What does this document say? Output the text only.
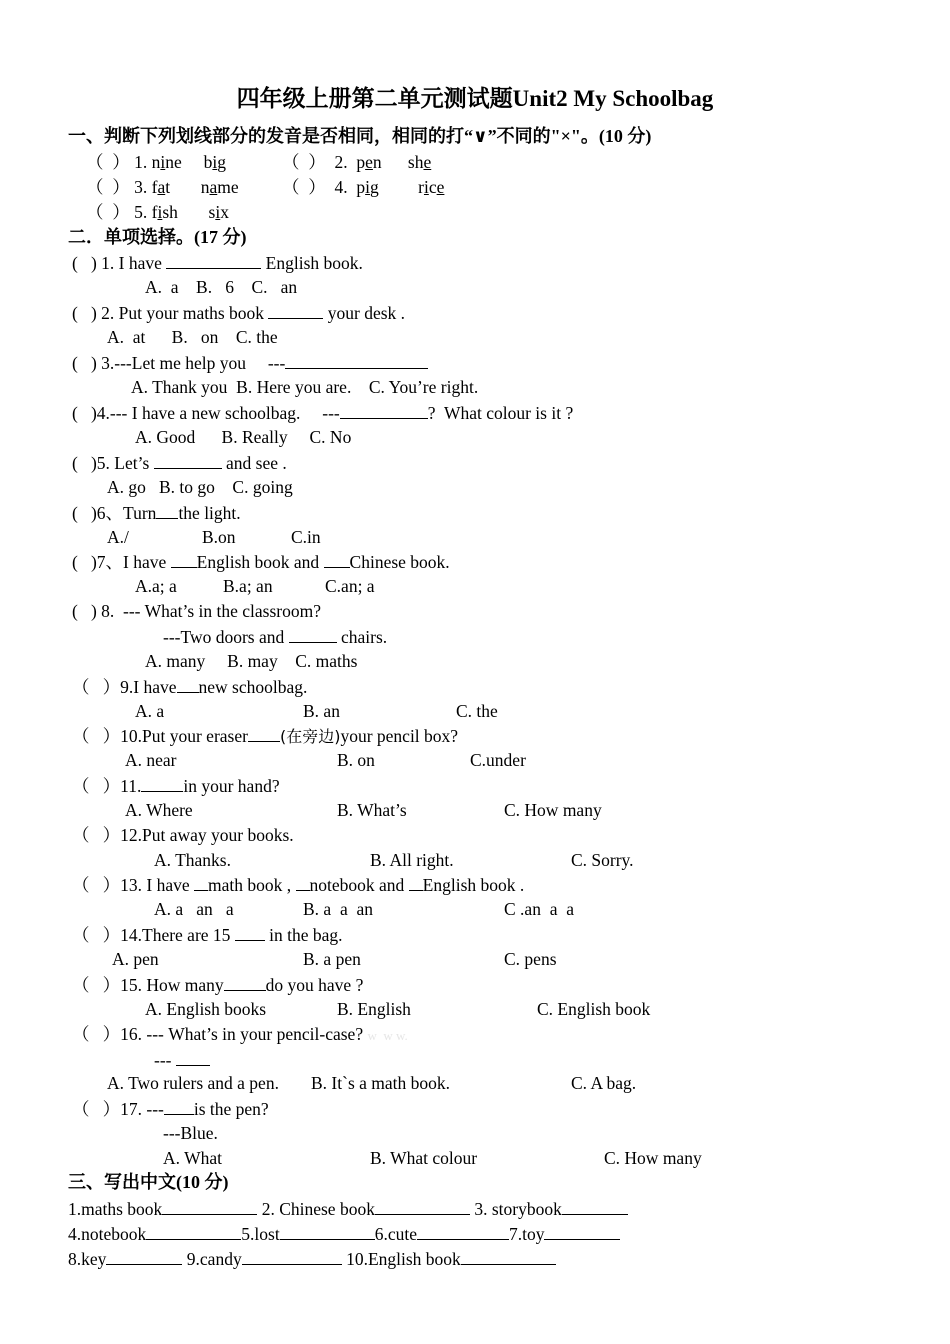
四年级上册第二单元测试题Unit2 My Schoolbag
一、判断下列划线部分的发音是否相同，相同的打“∨”不同的"×"。(10 分)
（  ） 1. nine big	（  ） 2. pen she
（  ） 3. fat name （  ） 4. pig rice
（  ） 5. fish six
二．单项选择。(17 分)
( ) 1. I have	English book.
A.  a    B.   6    C.   an
( ) 2. Put your maths book	your desk .
A.  at      B.   on    C. the
( ) 3.---Let me help you     ---
A. Thank you  B. Here you are.    C. You’re right.
( )4.--- I have a new schoolbag.     ---	?  What colour is it ?
A. Good      B. Really     C. No
( )5. Let’s	and see .
A. go   B. to go    C. going
( )6、Turn the light.
A./	B.on	C.in
( )7、I have English book and Chinese book.
A.a; a	B.a; an	C.an; a
( ) 8.  --- What’s in the classroom?
---Two doors and	chairs.
A. many     B. may    C. maths
（   ）9.I have new schoolbag.
A. a	B. an	C. the
（   ）10.Put your eraser (在旁边)your pencil box?
A. near	B. on	C.under
（   ）11. in your hand?
A. Where	B. What’s	C. How many
（   ）12.Put away your books.
A. Thanks.	B. All right.	C. Sorry.
（   ）13. I have math book , notebook and English book .
A. a   an   a	B. a  a  an	C .an  a  a
（   ）14.There are 15  in the bag.
A. pen	B. a pen	C. pens
（   ）15. How many do you have ?
A. English books	B. English	C. English book
（   ）16. --- What’s in your pencil-case? w  w w.
---
A. Two rulers and a pen. B. It`s a math book.	C. A bag.
（   ）17. --- is the pen?
---Blue.
A. What	B. What colour	C. How many
三、写出中文(10 分)
1.maths book	2. Chinese book	3. storybook
4.notebook	5.lost	6.cute	7.toy
8.key	9.candy	10.English book
